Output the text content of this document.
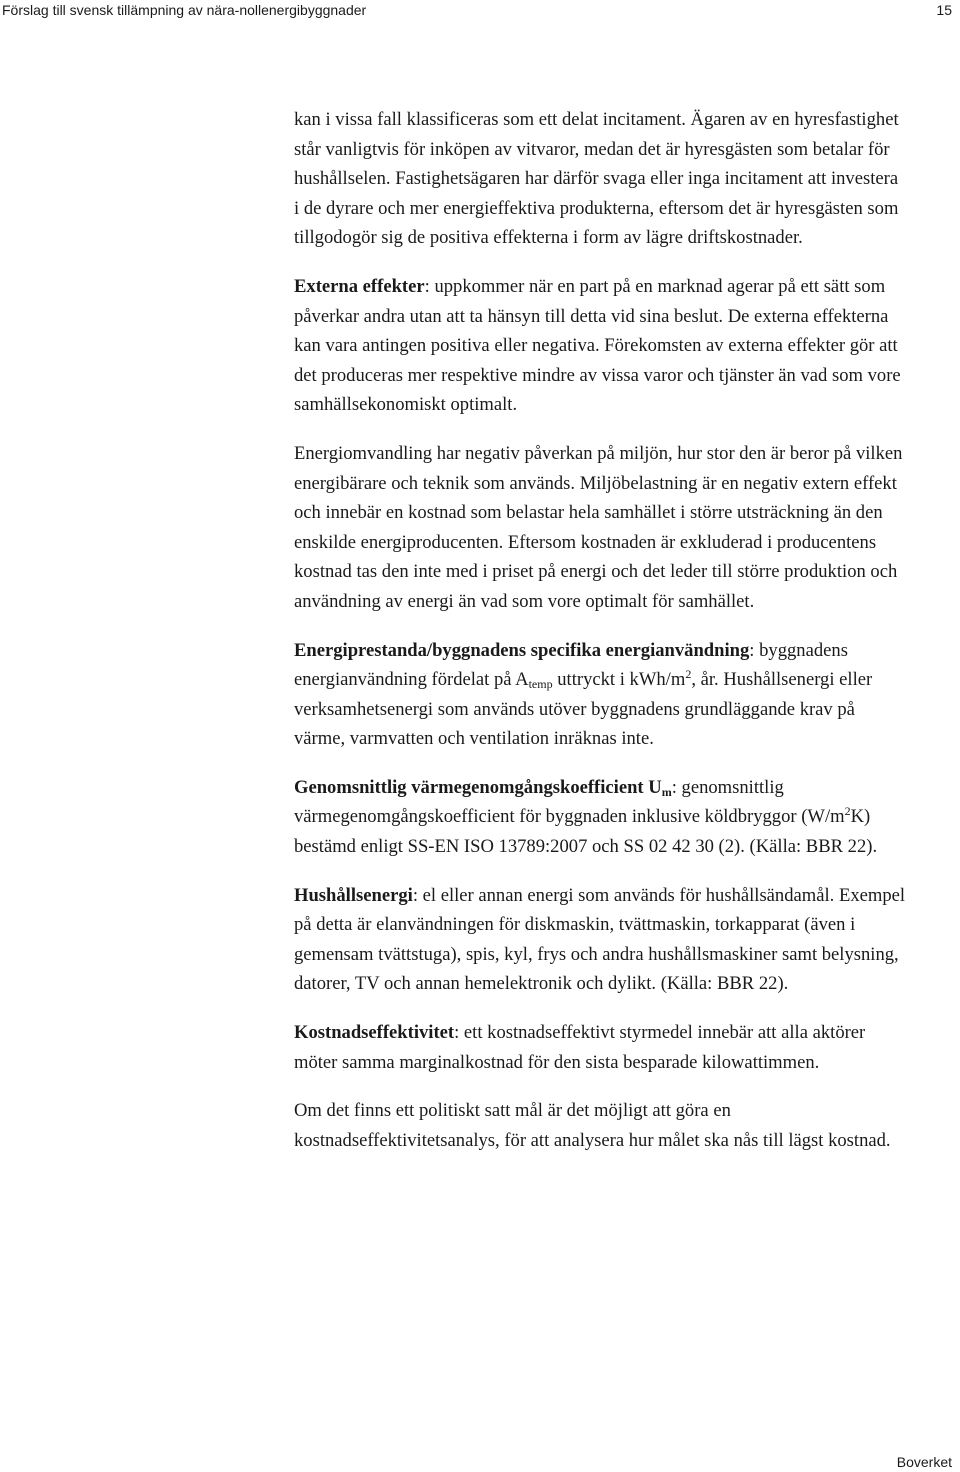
Förslag till svensk tillämpning av nära-nollenergibyggnader	15

kan i vissa fall klassificeras som ett delat incitament. Ägaren av en hyresfastighet står vanligtvis för inköpen av vitvaror, medan det är hyresgästen som betalar för hushållselen. Fastighetsägaren har därför svaga eller inga incitament att investera i de dyrare och mer energieffektiva produkterna, eftersom det är hyresgästen som tillgodogör sig de positiva effekterna i form av lägre driftskostnader.

Externa effekter: uppkommer när en part på en marknad agerar på ett sätt som påverkar andra utan att ta hänsyn till detta vid sina beslut. De externa effekterna kan vara antingen positiva eller negativa. Förekomsten av externa effekter gör att det produceras mer respektive mindre av vissa varor och tjänster än vad som vore samhällsekonomiskt optimalt.

Energiomvandling har negativ påverkan på miljön, hur stor den är beror på vilken energibärare och teknik som används. Miljöbelastning är en negativ extern effekt och innebär en kostnad som belastar hela samhället i större utsträckning än den enskilde energiproducenten. Eftersom kostnaden är exkluderad i producentens kostnad tas den inte med i priset på energi och det leder till större produktion och användning av energi än vad som vore optimalt för samhället.

Energiprestanda/byggnadens specifika energianvändning: byggnadens energianvändning fördelat på $A_{temp}$ uttryckt i kWh/$m^2$, år. Hushållsenergi eller verksamhetsenergi som används utöver byggnadens grundläggande krav på värme, varmvatten och ventilation inräknas inte.

Genomsnittlig värmegenomgångskoefficient $U_m$: genomsnittlig värmegenomgångskoefficient för byggnaden inklusive köldbryggor $(W/m^2K)$ bestämd enligt SS-EN ISO 13789:2007 och SS 02 42 30 (2). (Källa: BBR 22).

Hushållsenergi: el eller annan energi som används för hushållsändamål. Exempel på detta är elanvändningen för diskmaskin, tvättmaskin, torkapparat (även i gemensam tvättstuga), spis, kyl, frys och andra hushållsmaskiner samt belysning, datorer, TV och annan hemelektronik och dylikt. (Källa: BBR 22).

Kostnadseffektivitet: ett kostnadseffektivt styrmedel innebär att alla aktörer möter samma marginalkostnad för den sista besparade kilowattimmen.

Om det finns ett politiskt satt mål är det möjligt att göra en kostnadseffektivitetsanalys, för att analysera hur målet ska nås till lägst kostnad.

Boverket
